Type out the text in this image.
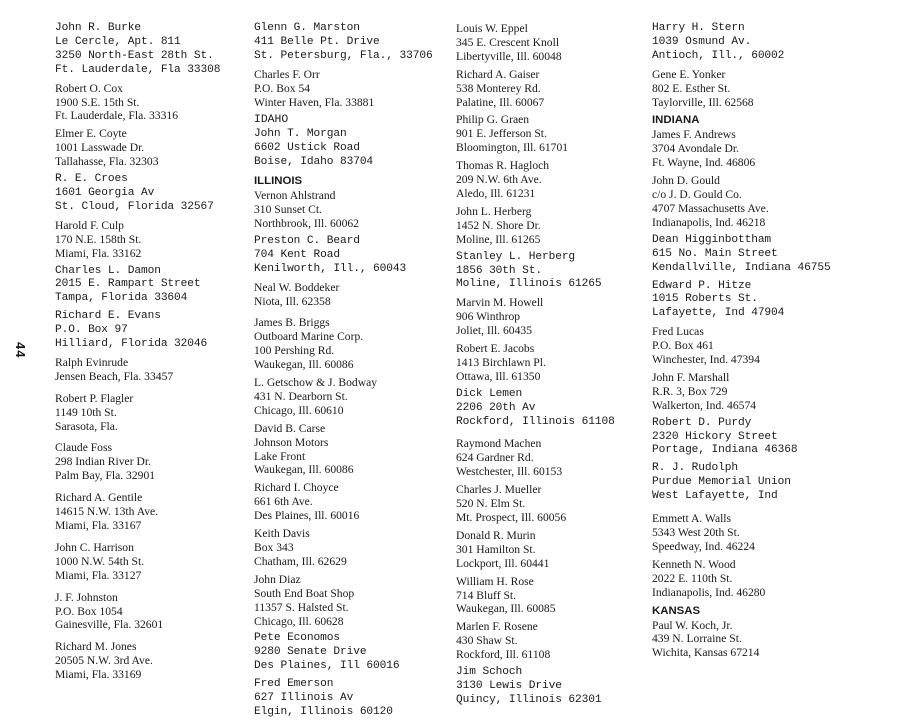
44
John R. Burke
Le Cercle, Apt. 811
3250 North-East 28th St.
Ft. Lauderdale, Fla 33308
Robert O. Cox
1900 S.E. 15th St.
Ft. Lauderdale, Fla. 33316
Elmer E. Coyte
1001 Lasswade Dr.
Tallahasse, Fla. 32303
R. E. Croes
1601 Georgia Av
St. Cloud, Florida 32567
Harold F. Culp
170 N.E. 158th St.
Miami, Fla. 33162
Charles L. Damon
2015 E. Rampart Street
Tampa, Florida 33604
Richard E. Evans
P.O. Box 97
Hilliard, Florida 32046
Ralph Evinrude
Jensen Beach, Fla. 33457
Robert P. Flagler
1149 10th St.
Sarasota, Fla.
Claude Foss
298 Indian River Dr.
Palm Bay, Fla. 32901
Richard A. Gentile
14615 N.W. 13th Ave.
Miami, Fla. 33167
John C. Harrison
1000 N.W. 54th St.
Miami, Fla. 33127
J. F. Johnston
P.O. Box 1054
Gainesville, Fla. 32601
Richard M. Jones
20505 N.W. 3rd Ave.
Miami, Fla. 33169
Glenn G. Marston
411 Belle Pt. Drive
St. Petersburg, Fla., 33706
Charles F. Orr
P.O. Box 54
Winter Haven, Fla. 33881
IDAHO
John T. Morgan
6602 Ustick Road
Boise, Idaho 83704
ILLINOIS
Vernon Ahlstrand
310 Sunset Ct.
Northbrook, Ill. 60062
Preston C. Beard
704 Kent Road
Kenilworth, Ill., 60043
Neal W. Boddeker
Niota, Ill. 62358
James B. Briggs
Outboard Marine Corp.
100 Pershing Rd.
Waukegan, Ill. 60086
L. Getschow & J. Bodway
431 N. Dearborn St.
Chicago, Ill. 60610
David B. Carse
Johnson Motors
Lake Front
Waukegan, Ill. 60086
Richard I. Choyce
661 6th Ave.
Des Plaines, Ill. 60016
Keith Davis
Box 343
Chatham, Ill. 62629
John Diaz
South End Boat Shop
11357 S. Halsted St.
Chicago, Ill. 60628
Pete Economos
9280 Senate Drive
Des Plaines, Ill 60016
Fred Emerson
627 Illinois Av
Elgin, Illinois 60120
Louis W. Eppel
345 E. Crescent Knoll
Libertyville, Ill. 60048
Richard A. Gaiser
538 Monterey Rd.
Palatine, Ill. 60067
Philip G. Graen
901 E. Jefferson St.
Bloomington, Ill. 61701
Thomas R. Hagloch
209 N.W. 6th Ave.
Aledo, Ill. 61231
John L. Herberg
1452 N. Shore Dr.
Moline, Ill. 61265
Stanley L. Herberg
1856 30th St.
Moline, Illinois 61265
Marvin M. Howell
906 Winthrop
Joliet, Ill. 60435
Robert E. Jacobs
1413 Birchlawn Pl.
Ottawa, Ill. 61350
Dick Lemen
2206 20th Av
Rockford, Illinois 61108
Raymond Machen
624 Gardner Rd.
Westchester, Ill. 60153
Charles J. Mueller
520 N. Elm St.
Mt. Prospect, Ill. 60056
Donald R. Murin
301 Hamilton St.
Lockport, Ill. 60441
William H. Rose
714 Bluff St.
Waukegan, Ill. 60085
Marlen F. Rosene
430 Shaw St.
Rockford, Ill. 61108
Jim Schoch
3130 Lewis Drive
Quincy, Illinois 62301
Harry H. Stern
1039 Osmund Av.
Antioch, Ill., 60002
Gene E. Yonker
802 E. Esther St.
Taylorville, Ill. 62568
INDIANA
James F. Andrews
3704 Avondale Dr.
Ft. Wayne, Ind. 46806
John D. Gould
c/o J. D. Gould Co.
4707 Massachusetts Ave.
Indianapolis, Ind. 46218
Dean Higginbottham
615 No. Main Street
Kendallville, Indiana 46755
Edward P. Hitze
1015 Roberts St.
Lafayette, Ind 47904
Fred Lucas
P.O. Box 461
Winchester, Ind. 47394
John F. Marshall
R.R. 3, Box 729
Walkerton, Ind. 46574
Robert D. Purdy
2320 Hickory Street
Portage, Indiana 46368
R. J. Rudolph
Purdue Memorial Union
West Lafayette, Ind
Emmett A. Walls
5343 West 20th St.
Speedway, Ind. 46224
Kenneth N. Wood
2022 E. 110th St.
Indianapolis, Ind. 46280
KANSAS
Paul W. Koch, Jr.
439 N. Lorraine St.
Wichita, Kansas 67214
